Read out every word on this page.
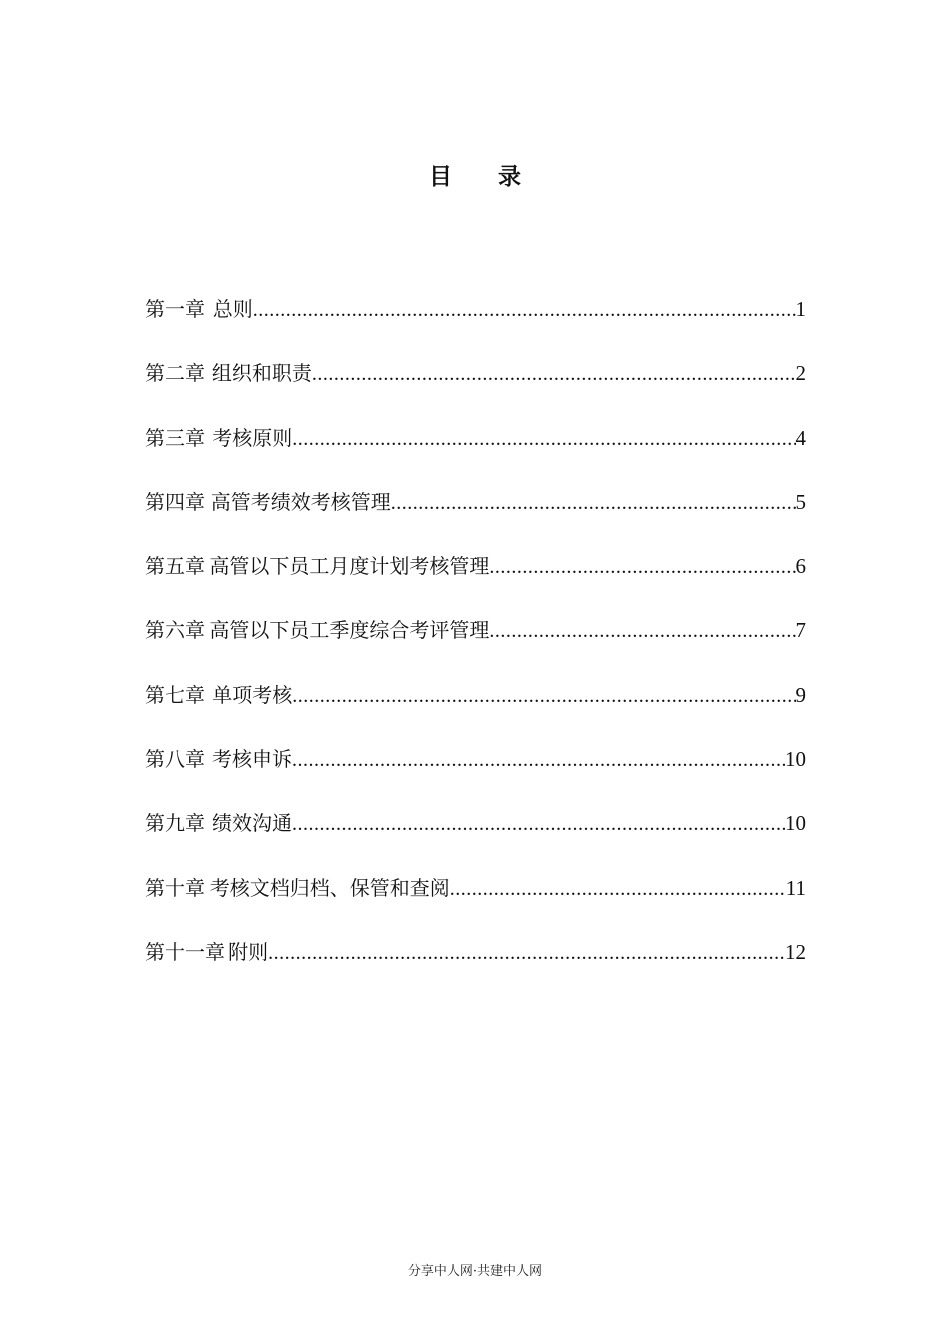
目 录
第一章 总则 .....	1
第二章 组织和职责 .....	2
第三章 考核原则 .....	4
第四章 高管考绩效考核管理 .....	5
第五章 高管以下员工月度计划考核管理 .....	6
第六章 高管以下员工季度综合考评管理 .....	7
第七章 单项考核 .....	9
第八章 考核申诉 .....	10
第九章 绩效沟通 .....	10
第十章 考核文档归档、保管和查阅 .....	11
第十一章 附则 .....	12
分享中人网·共建中人网
